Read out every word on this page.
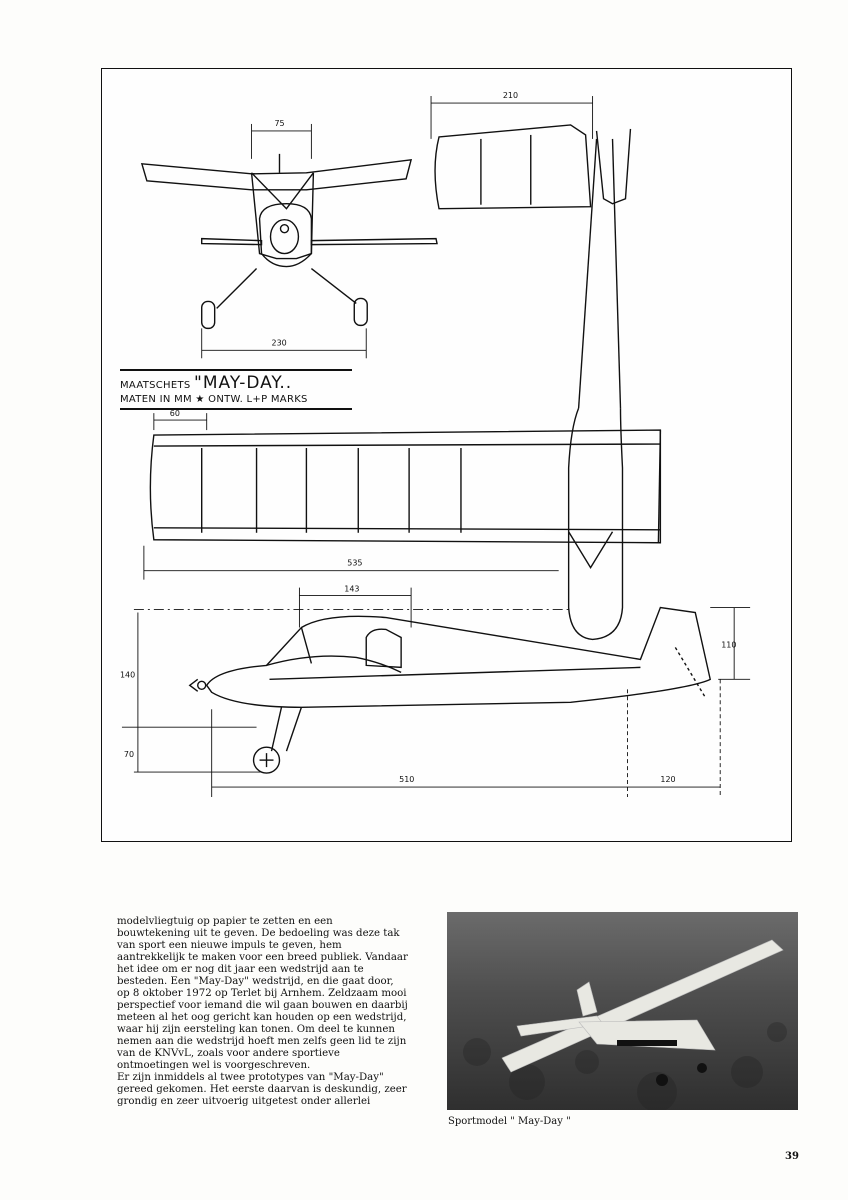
75
230
210
60
535
143
110
140
70
510	120
MAATSCHETS "MAY-DAY..
MATEN IN MM ★ ONTW. L+P MARKS

modelvliegtuig op papier te zetten en een bouwtekening uit te geven. De bedoeling was deze tak van sport een nieuwe impuls te geven, hem aantrekkelijk te maken voor een breed publiek. Vandaar het idee om er nog dit jaar een wedstrijd aan te besteden. Een "May-Day" wedstrijd, en die gaat door, op 8 oktober 1972 op Terlet bij Arnhem. Zeldzaam mooi perspectief voor iemand die wil gaan bouwen en daarbij meteen al het oog gericht kan houden op een wedstrijd, waar hij zijn eersteling kan tonen. Om deel te kunnen nemen aan die wedstrijd hoeft men zelfs geen lid te zijn van de KNVvL, zoals voor andere sportieve ontmoetingen wel is voorgeschreven.

Er zijn inmiddels al twee prototypes van "May-Day" gereed gekomen. Het eerste daarvan is deskundig, zeer grondig en zeer uitvoerig uitgetest onder allerlei

Sportmodel " May-Day "
39
